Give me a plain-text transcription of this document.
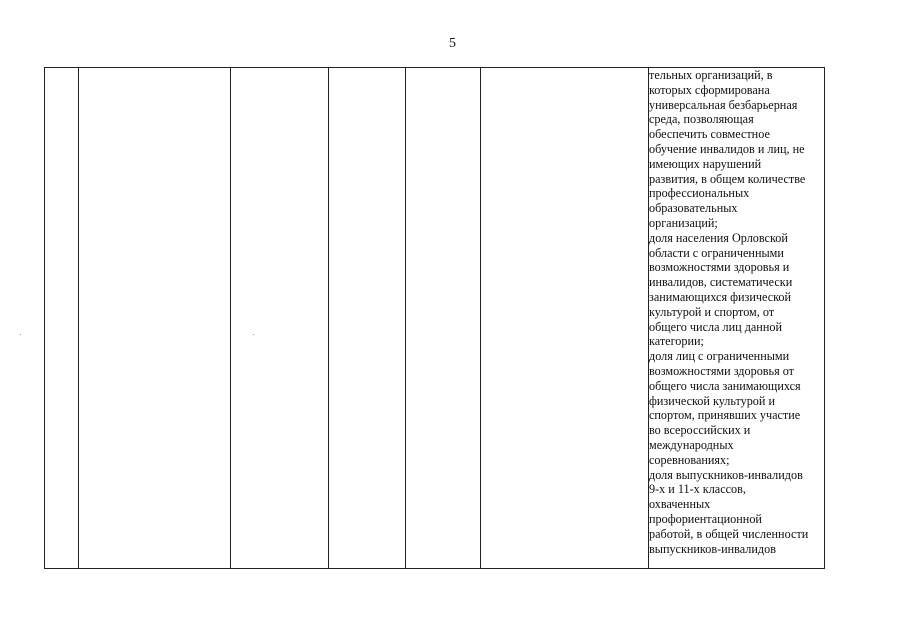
5

тельных организаций, в
которых сформирована
универсальная безбарьерная
среда, позволяющая
обеспечить совместное
обучение инвалидов и лиц, не
имеющих нарушений
развития, в общем количестве
профессиональных
образовательных
организаций;
доля населения Орловской
области с ограниченными
возможностями здоровья и
инвалидов, систематически
занимающихся физической
культурой и спортом, от
общего числа лиц данной
категории;
доля лиц с ограниченными
возможностями здоровья от
общего числа занимающихся
физической культурой и
спортом, принявших участие
во всероссийских и
международных
соревнованиях;
доля выпускников-инвалидов
9-х и 11-х классов,
охваченных
профориентационной
работой, в общей численности
выпускников-инвалидов
